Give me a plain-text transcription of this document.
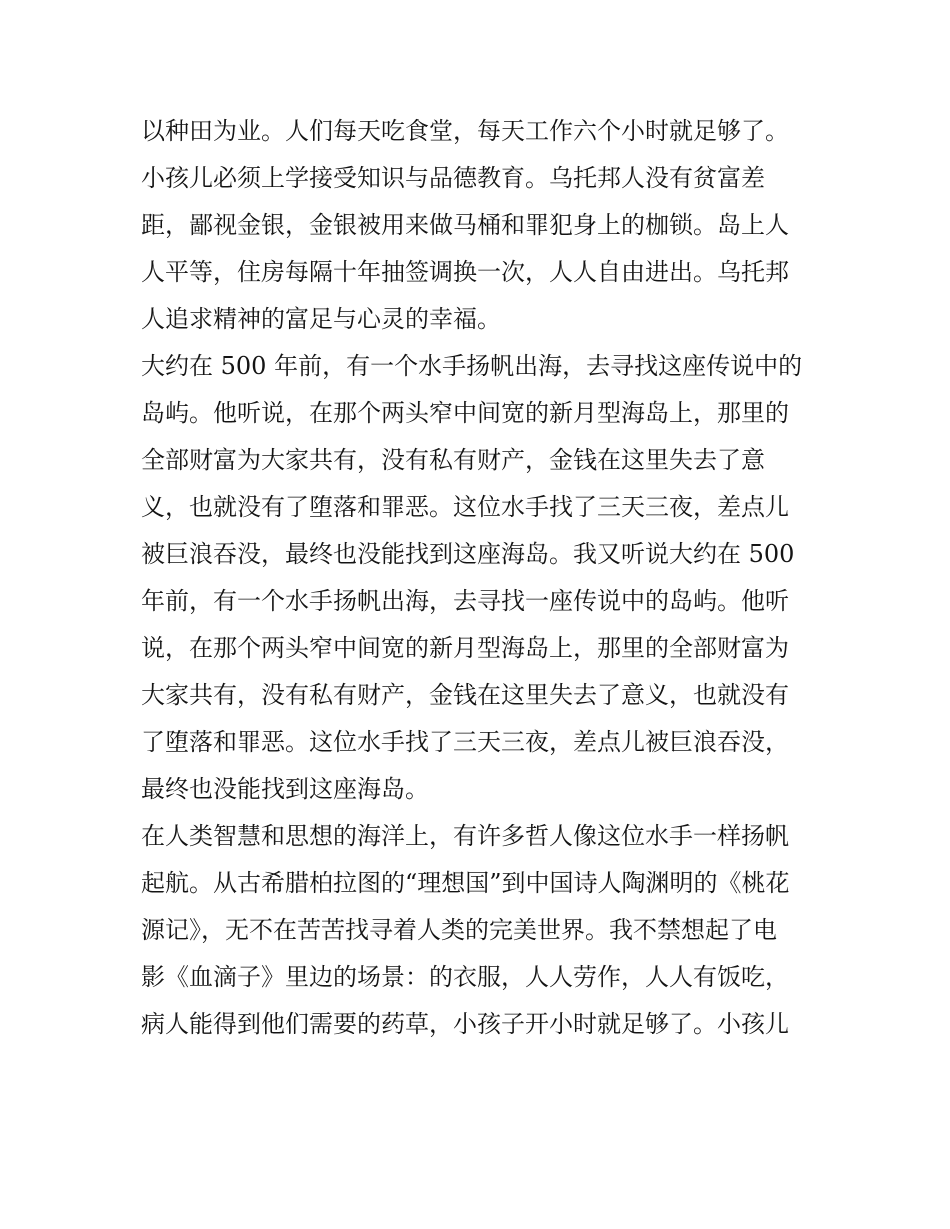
以种田为业。人们每天吃食堂，每天工作六个小时就足够了。
小孩儿必须上学接受知识与品德教育。乌托邦人没有贫富差
距，鄙视金银，金银被用来做马桶和罪犯身上的枷锁。岛上人
人平等，住房每隔十年抽签调换一次，人人自由进出。乌托邦
人追求精神的富足与心灵的幸福。
大约在 500 年前，有一个水手扬帆出海，去寻找这座传说中的
岛屿。他听说，在那个两头窄中间宽的新月型海岛上，那里的
全部财富为大家共有，没有私有财产，金钱在这里失去了意
义，也就没有了堕落和罪恶。这位水手找了三天三夜，差点儿
被巨浪吞没，最终也没能找到这座海岛。我又听说大约在 500
年前，有一个水手扬帆出海，去寻找一座传说中的岛屿。他听
说，在那个两头窄中间宽的新月型海岛上，那里的全部财富为
大家共有，没有私有财产，金钱在这里失去了意义，也就没有
了堕落和罪恶。这位水手找了三天三夜，差点儿被巨浪吞没，
最终也没能找到这座海岛。
在人类智慧和思想的海洋上，有许多哲人像这位水手一样扬帆
起航。从古希腊柏拉图的“理想国”到中国诗人陶渊明的《桃花
源记》，无不在苦苦找寻着人类的完美世界。我不禁想起了电
影《血滴子》里边的场景：的衣服，人人劳作，人人有饭吃，
病人能得到他们需要的药草，小孩子开小时就足够了。小孩儿
